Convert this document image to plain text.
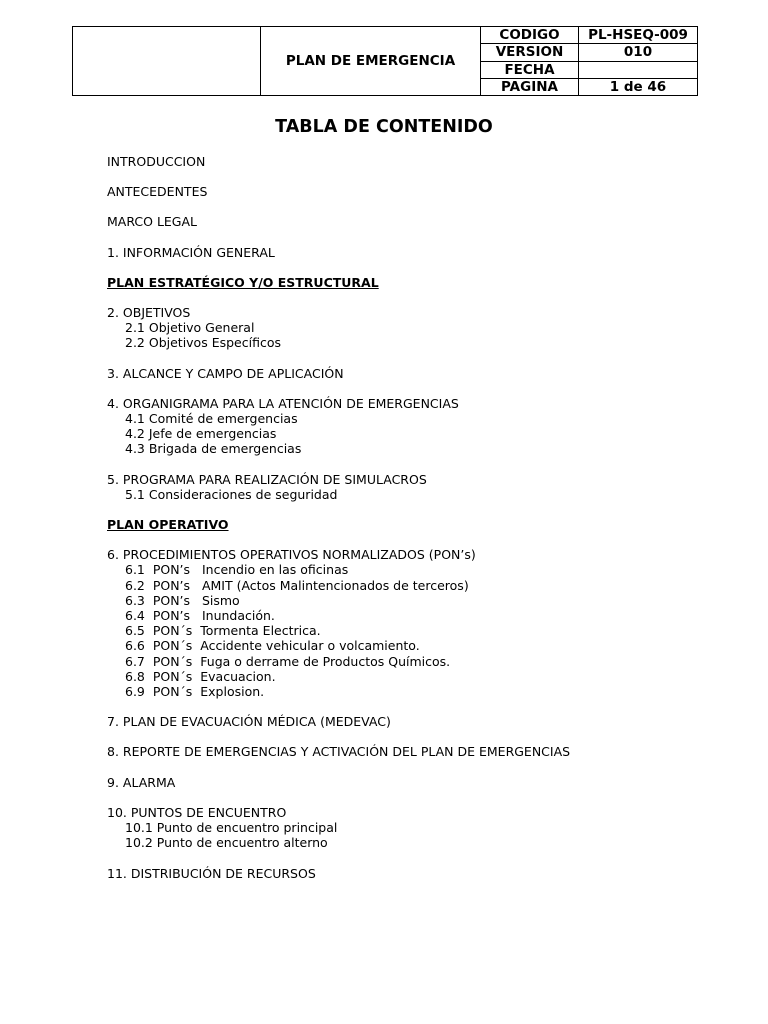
	PLAN DE EMERGENCIA	CODIGO	PL-HSEQ-009
		VERSION	010
		FECHA	
		PAGINA	1 de 46
TABLA DE CONTENIDO

INTRODUCCION

ANTECEDENTES

MARCO LEGAL

1. INFORMACIÓN GENERAL

PLAN ESTRATÉGICO Y/O ESTRUCTURAL

2. OBJETIVOS

2.1 Objetivo General

2.2 Objetivos Específicos

3. ALCANCE Y CAMPO DE APLICACIÓN

4. ORGANIGRAMA PARA LA ATENCIÓN DE EMERGENCIAS

4.1 Comité de emergencias

4.2 Jefe de emergencias

4.3 Brigada de emergencias

5. PROGRAMA PARA REALIZACIÓN DE SIMULACROS

5.1 Consideraciones de seguridad

PLAN OPERATIVO

6. PROCEDIMIENTOS OPERATIVOS NORMALIZADOS (PON’s)

6.1  PON’s   Incendio en las oficinas

6.2  PON’s   AMIT (Actos Malintencionados de terceros)

6.3  PON’s   Sismo

6.4  PON’s   Inundación.

6.5  PON´s  Tormenta Electrica.

6.6  PON´s  Accidente vehicular o volcamiento.

6.7  PON´s  Fuga o derrame de Productos Químicos.

6.8  PON´s  Evacuacion.

6.9  PON´s  Explosion.

7. PLAN DE EVACUACIÓN MÉDICA (MEDEVAC)

8. REPORTE DE EMERGENCIAS Y ACTIVACIÓN DEL PLAN DE EMERGENCIAS

9. ALARMA

10. PUNTOS DE ENCUENTRO

10.1 Punto de encuentro principal

10.2 Punto de encuentro alterno

11. DISTRIBUCIÓN DE RECURSOS
